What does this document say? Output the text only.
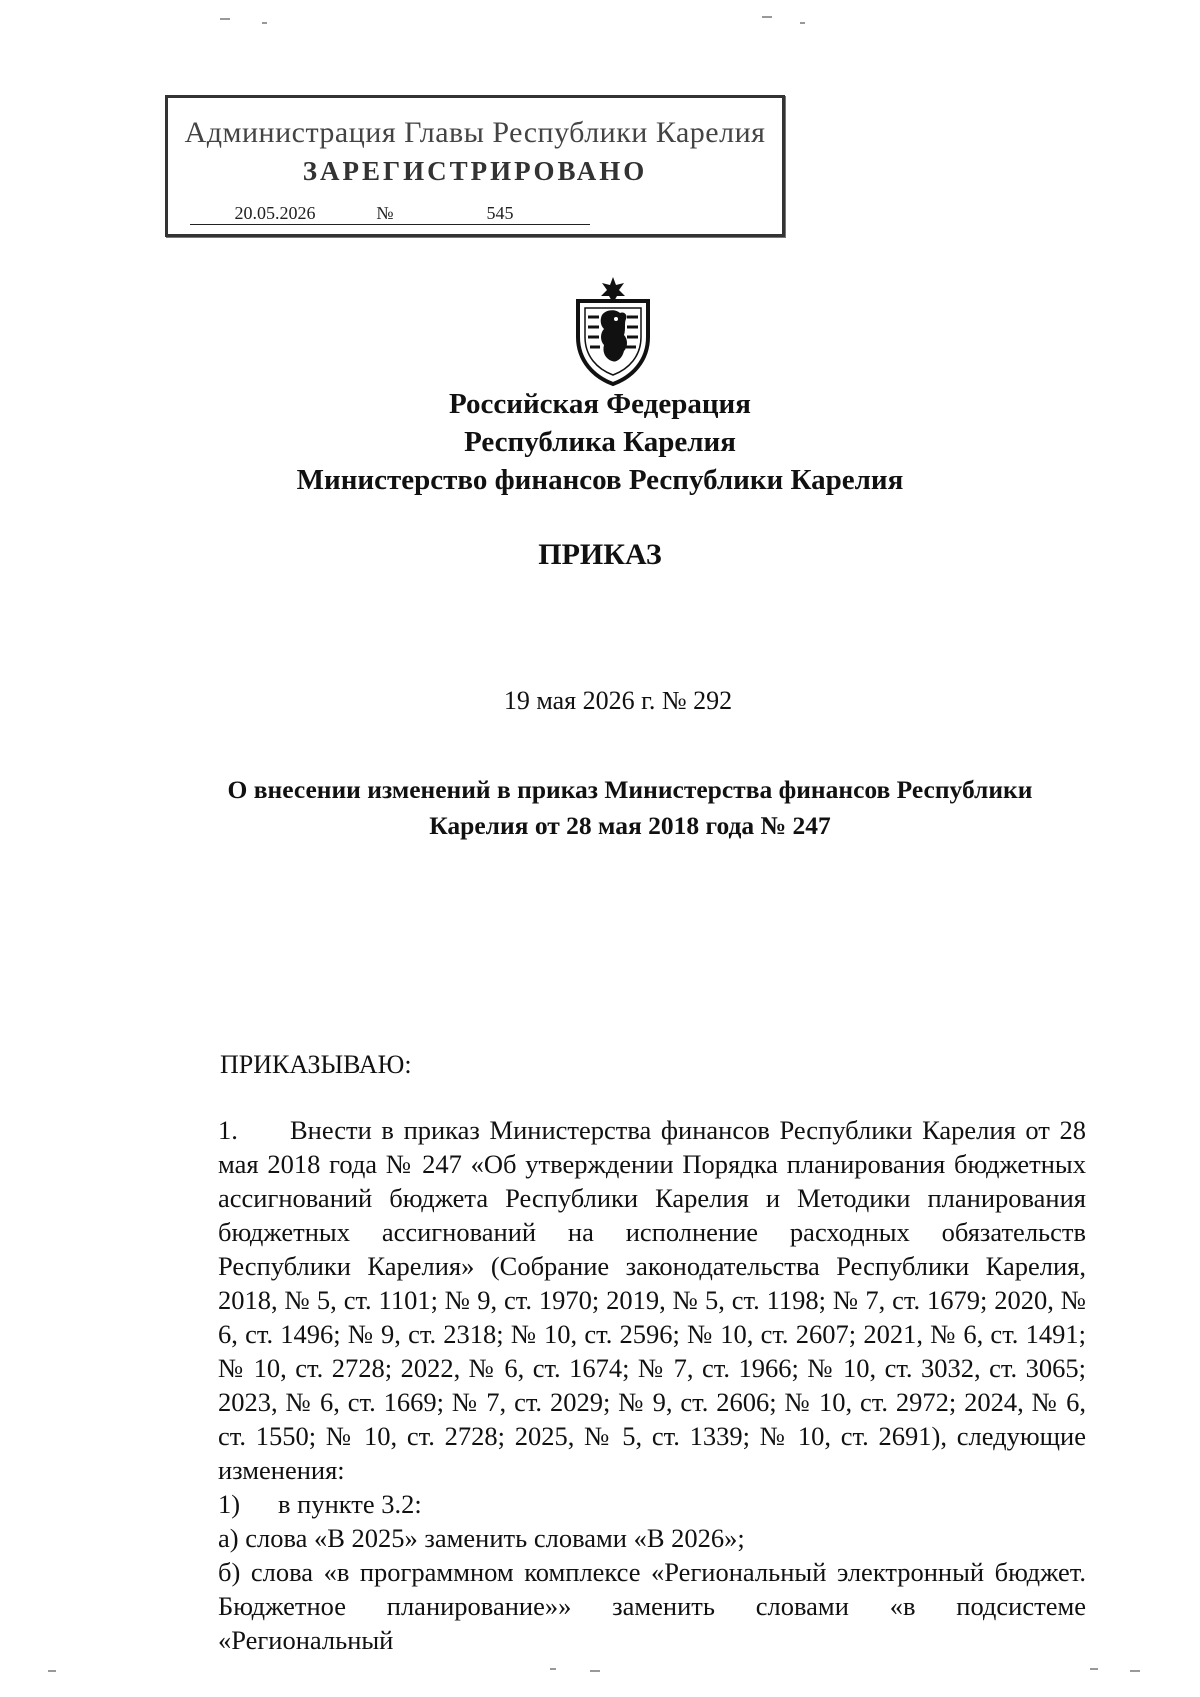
Администрация Главы Республики Карелия
ЗАРЕГИСТРИРОВАНО
20.05.2026	№	545
Российская Федерация
Республика Карелия
Министерство финансов Республики Карелия
ПРИКАЗ
19 мая 2026 г. № 292
О внесении изменений в приказ Министерства финансов Республики Карелия от 28 мая 2018 года № 247
ПРИКАЗЫВАЮ:

1. Внести в приказ Министерства финансов Республики Карелия от 28 мая 2018 года № 247 «Об утверждении Порядка планирования бюджетных ассигнований бюджета Республики Карелия и Методики планирования бюджетных ассигнований на исполнение расходных обязательств Республики Карелия» (Собрание законодательства Республики Карелия, 2018, № 5, ст. 1101; № 9, ст. 1970; 2019, № 5, ст. 1198; № 7, ст. 1679; 2020, № 6, ст. 1496; № 9, ст. 2318; № 10, ст. 2596; № 10, ст. 2607; 2021, № 6, ст. 1491; № 10, ст. 2728; 2022, № 6, ст. 1674; № 7, ст. 1966; № 10, ст. 3032, ст. 3065; 2023, № 6, ст. 1669; № 7, ст. 2029; № 9, ст. 2606; № 10, ст. 2972; 2024, № 6, ст. 1550; № 10, ст. 2728; 2025, № 5, ст. 1339; № 10, ст. 2691), следующие изменения:

1) в пункте 3.2:

а) слова «В 2025» заменить словами «В 2026»;

б) слова «в программном комплексе «Региональный электронный бюджет. Бюджетное планирование»» заменить словами «в подсистеме «Региональный
